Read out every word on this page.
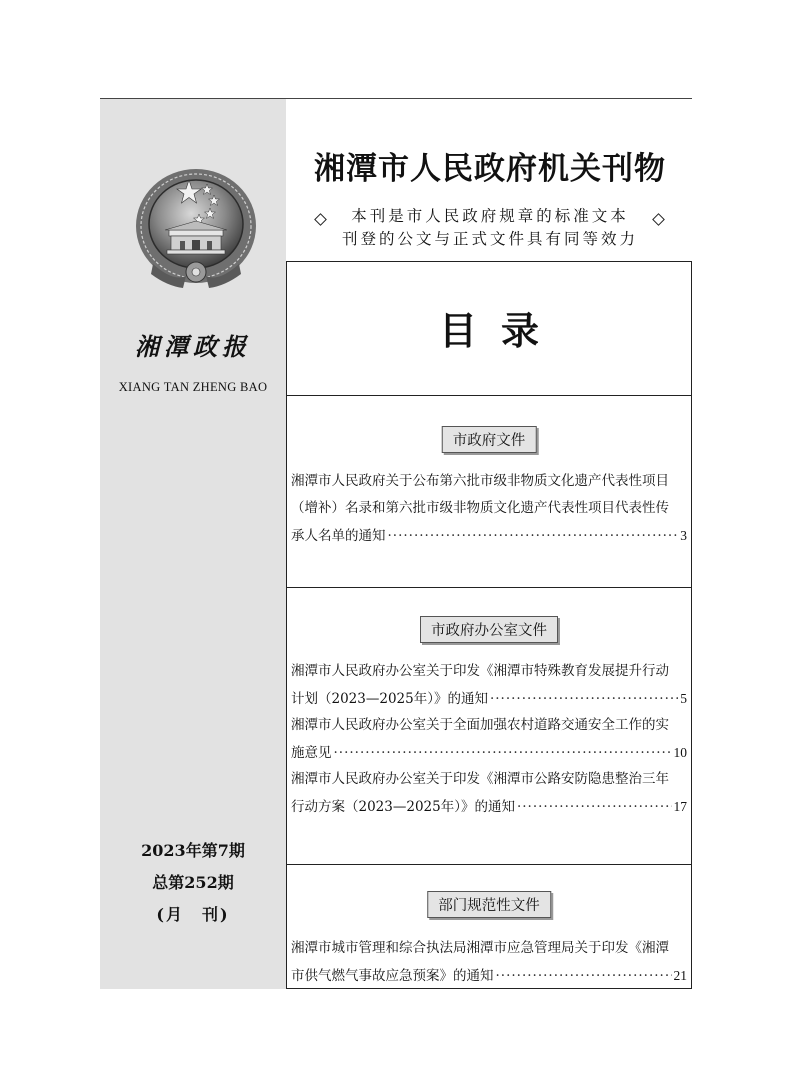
湘潭政报
XIANG TAN ZHENG BAO
2023年第7期
总第252期
(月　刊)
湘潭市人民政府机关刊物
本刊是市人民政府规章的标准文本
刊登的公文与正式文件具有同等效力
目录
市政府文件
湘潭市人民政府关于公布第六批市级非物质文化遗产代表性项目
（增补）名录和第六批市级非物质文化遗产代表性项目代表性传
承人名单的通知 ·····	3
市政府办公室文件
湘潭市人民政府办公室关于印发《湘潭市特殊教育发展提升行动
计划（2023—2025年）》的通知 ·····	5
湘潭市人民政府办公室关于全面加强农村道路交通安全工作的实
施意见 ·····	10
湘潭市人民政府办公室关于印发《湘潭市公路安防隐患整治三年
行动方案（2023—2025年）》的通知 ·····	17
部门规范性文件
湘潭市城市管理和综合执法局湘潭市应急管理局关于印发《湘潭
市供气燃气事故应急预案》的通知 ·····	21
